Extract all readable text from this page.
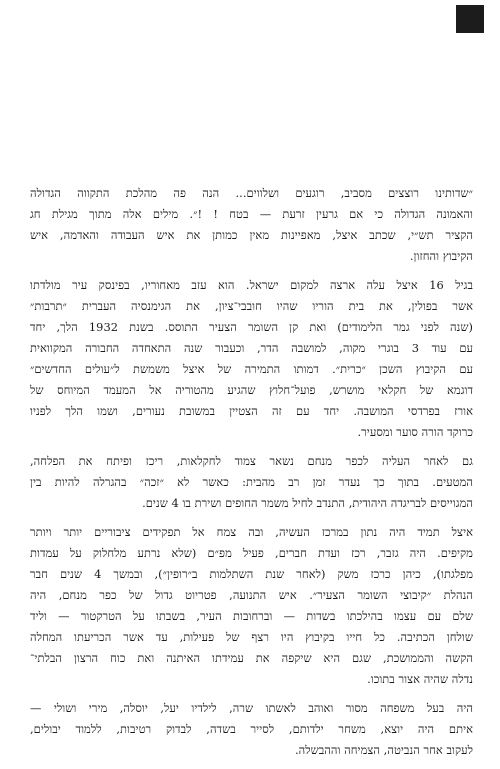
״שדותינו רוצצים מסביב, רוגעים ושלווים... הנה פה מהלכת התקווה הגדולה
והאמונה הגדולה כי אם גרעין זרעת — בטח ! !״. מילים אלה מתוך מגילת חג
הקציר תש״י, שכתב איצל, מאפיינות מאין כמותן את איש העבודה והאדמה, איש
הקיבוץ והחזון.

בגיל 16 איצל עלה ארצה למקום ישראל. הוא עזב מאחוריו, בפינסק עיר מולדתו
אשר בפולין, את בית הוריו שהיו חובבי־ציון, את הגימנסיה העברית ״תרבות״
(שנה לפני גמר הלימודים) ואת קן השומר הצעיר התוסס. בשנת 1932 הלך, יחד
עם עוד 3 בוגרי מקוה, למושבה הדר, וכעבור שנה התאחדה החבורה המקוואית
עם הקיבוץ השכן ״כרית״. דמותו התמירה של איצל משמשת ל״עולים החדשים״
דוגמא של חקלאי מושרש, פועל־חלוץ שהגיע מהטוריה אל המעמד המיוחס של
אורז בפרדסי המושבה. יחד עם זה הצטיין במשובת נעורים, ושמו הלך לפניו
כרוקד הורה סוער ומסעיר.

גם לאחר העליה לכפר מנחם נשאר צמוד לחקלאות, ריכז ופיתח את הפלחה,
המטעים. בתוך כך נעדר זמן רב מהבית: כאשר לא ״זכה״ בהגרלה להיות בין
המגוייסים לבריגדה היהודית, התנדב לחיל משמר החופים ושירת בו 4 שנים.

איצל תמיד היה נתון במרכז העשיה, ובה צמח אל תפקידים ציבוריים יותר ויותר
מקיפים. היה גזבר, רכז ועדת חברים, פעיל מפ״ם (שלא נרתע מלחלוק על עמדות
מפלגתו), כיהן כרכז משק (לאחר שנת השתלמות ב״רופין״), ובמשך 4 שנים חבר
הנהלת ״קיבוצי השומר הצעיר״. איש התנועה, פטריוט גדול של כפר מנחם, היה
שלם עם עצמו בהילכתו בשדות — וברחובות העיר, בשבתו על הטרקטור — וליד
שולחן הכתיבה. כל חייו בקיבוץ היו רצף של פעילות, עד אשר הכריעתו המחלה
הקשה והממושכת, שגם היא שיקפה את עמידתו האיתנה ואת כוח הרצון הבלתי־
נדלה שהיה אצור בתוכו.

היה בעל משפחה מסור ואוהב לאשתו שרה, לילדיו יעל, יוסלה, מירי ושולי —
איתם היה יוצא, משחר ילדותם, לסייר בשדה, לבדוק רטיבות, ללמוד יבולים,
לעקוב אחר הנביטה, הצמיחה וההבשלה.
